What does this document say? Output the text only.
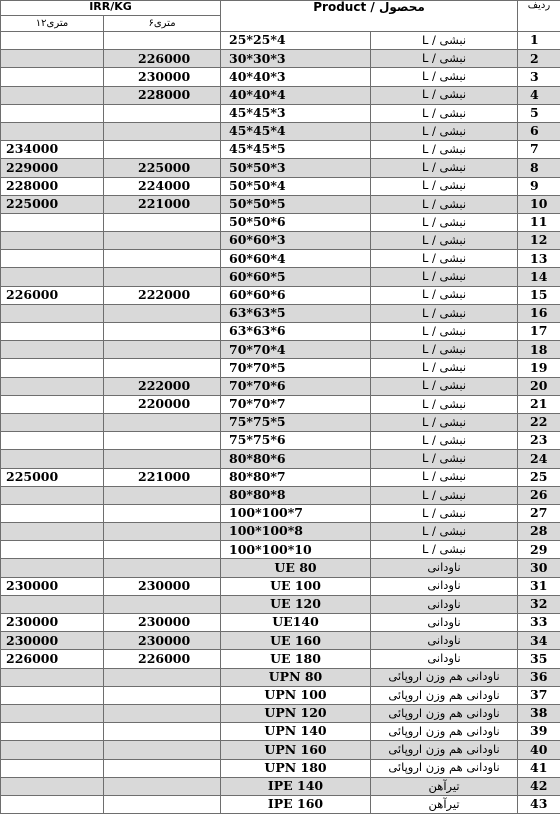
IRR/KG		Product / محصول		ردیف
۱۲متری	۶متری			
		25*25*4	نبشی / L	1
	226000	30*30*3	نبشی / L	2
	230000	40*40*3	نبشی / L	3
	228000	40*40*4	نبشی / L	4
		45*45*3	نبشی / L	5
		45*45*4	نبشی / L	6
234000		45*45*5	نبشی / L	7
229000	225000	50*50*3	نبشی / L	8
228000	224000	50*50*4	نبشی / L	9
225000	221000	50*50*5	نبشی / L	10
		50*50*6	نبشی / L	11
		60*60*3	نبشی / L	12
		60*60*4	نبشی / L	13
		60*60*5	نبشی / L	14
226000	222000	60*60*6	نبشی / L	15
		63*63*5	نبشی / L	16
		63*63*6	نبشی / L	17
		70*70*4	نبشی / L	18
		70*70*5	نبشی / L	19
	222000	70*70*6	نبشی / L	20
	220000	70*70*7	نبشی / L	21
		75*75*5	نبشی / L	22
		75*75*6	نبشی / L	23
		80*80*6	نبشی / L	24
225000	221000	80*80*7	نبشی / L	25
		80*80*8	نبشی / L	26
		100*100*7	نبشی / L	27
		100*100*8	نبشی / L	28
		100*100*10	نبشی / L	29
		UE 80	ناودانی	30
230000	230000	UE 100	ناودانی	31
		UE 120	ناودانی	32
230000	230000	UE140	ناودانی	33
230000	230000	UE 160	ناودانی	34
226000	226000	UE 180	ناودانی	35
		UPN 80	ناودانی هم وزن اروپائی	36
		UPN 100	ناودانی هم وزن اروپائی	37
		UPN 120	ناودانی هم وزن اروپائی	38
		UPN 140	ناودانی هم وزن اروپائی	39
		UPN 160	ناودانی هم وزن اروپائی	40
		UPN 180	ناودانی هم وزن اروپائی	41
		IPE 140	تیرآهن	42
		IPE 160	تیرآهن	43
